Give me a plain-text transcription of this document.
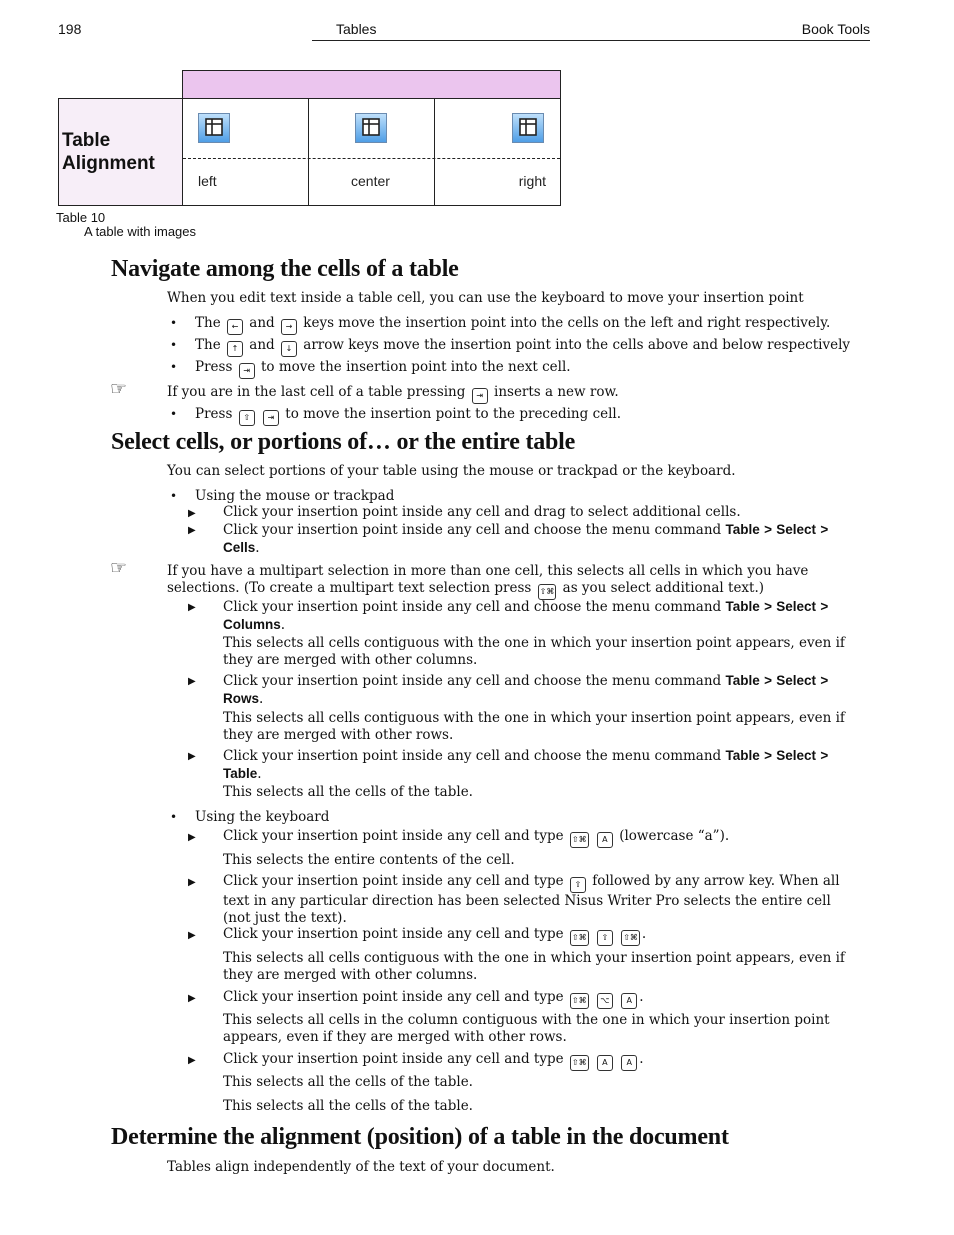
198	Tables	Book Tools
Table Alignment
left	center	right
Table 10
A table with images
Navigate among the cells of a table
When you edit text inside a table cell, you can use the keyboard to move your insertion point
• The ← and → keys move the insertion point into the cells on the left and right respectively.
• The ↑ and ↓ arrow keys move the insertion point into the cells above and below respectively
• Press ⇥ to move the insertion point into the next cell.
☞	If you are in the last cell of a table pressing ⇥ inserts a new row.
• Press ⇧ ⇥ to move the insertion point to the preceding cell.
Select cells, or portions of… or the entire table
You can select portions of your table using the mouse or trackpad or the keyboard.
• Using the mouse or trackpad
▶ Click your insertion point inside any cell and drag to select additional cells.
▶ Click your insertion point inside any cell and choose the menu command Table > Select > Cells.
☞	If you have a multipart selection in more than one cell, this selects all cells in which you have
selections. (To create a multipart text selection press ⇧⌘ as you select additional text.)
▶ Click your insertion point inside any cell and choose the menu command Table > Select > Columns.
This selects all cells contiguous with the one in which your insertion point appears, even if they are merged with other columns.
▶ Click your insertion point inside any cell and choose the menu command Table > Select > Rows.
This selects all cells contiguous with the one in which your insertion point appears, even if they are merged with other rows.
▶ Click your insertion point inside any cell and choose the menu command Table > Select > Table.
This selects all the cells of the table.
• Using the keyboard
▶ Click your insertion point inside any cell and type ⇧⌘ A (lowercase “a”).
This selects the entire contents of the cell.
▶ Click your insertion point inside any cell and type ⇧ followed by any arrow key. When all text in any particular direction has been selected Nisus Writer Pro selects the entire cell (not just the text).
▶ Click your insertion point inside any cell and type ⇧⌘ ⇧ ⇧⌘ .
This selects all cells contiguous with the one in which your insertion point appears, even if they are merged with other columns.
▶ Click your insertion point inside any cell and type ⇧⌘ ⌥ A .
This selects all cells in the column contiguous with the one in which your insertion point appears, even if they are merged with other rows.
▶ Click your insertion point inside any cell and type ⇧⌘ A A .
This selects all the cells of the table.
This selects all the cells of the table.
Determine the alignment (position) of a table in the document
Tables align independently of the text of your document.
